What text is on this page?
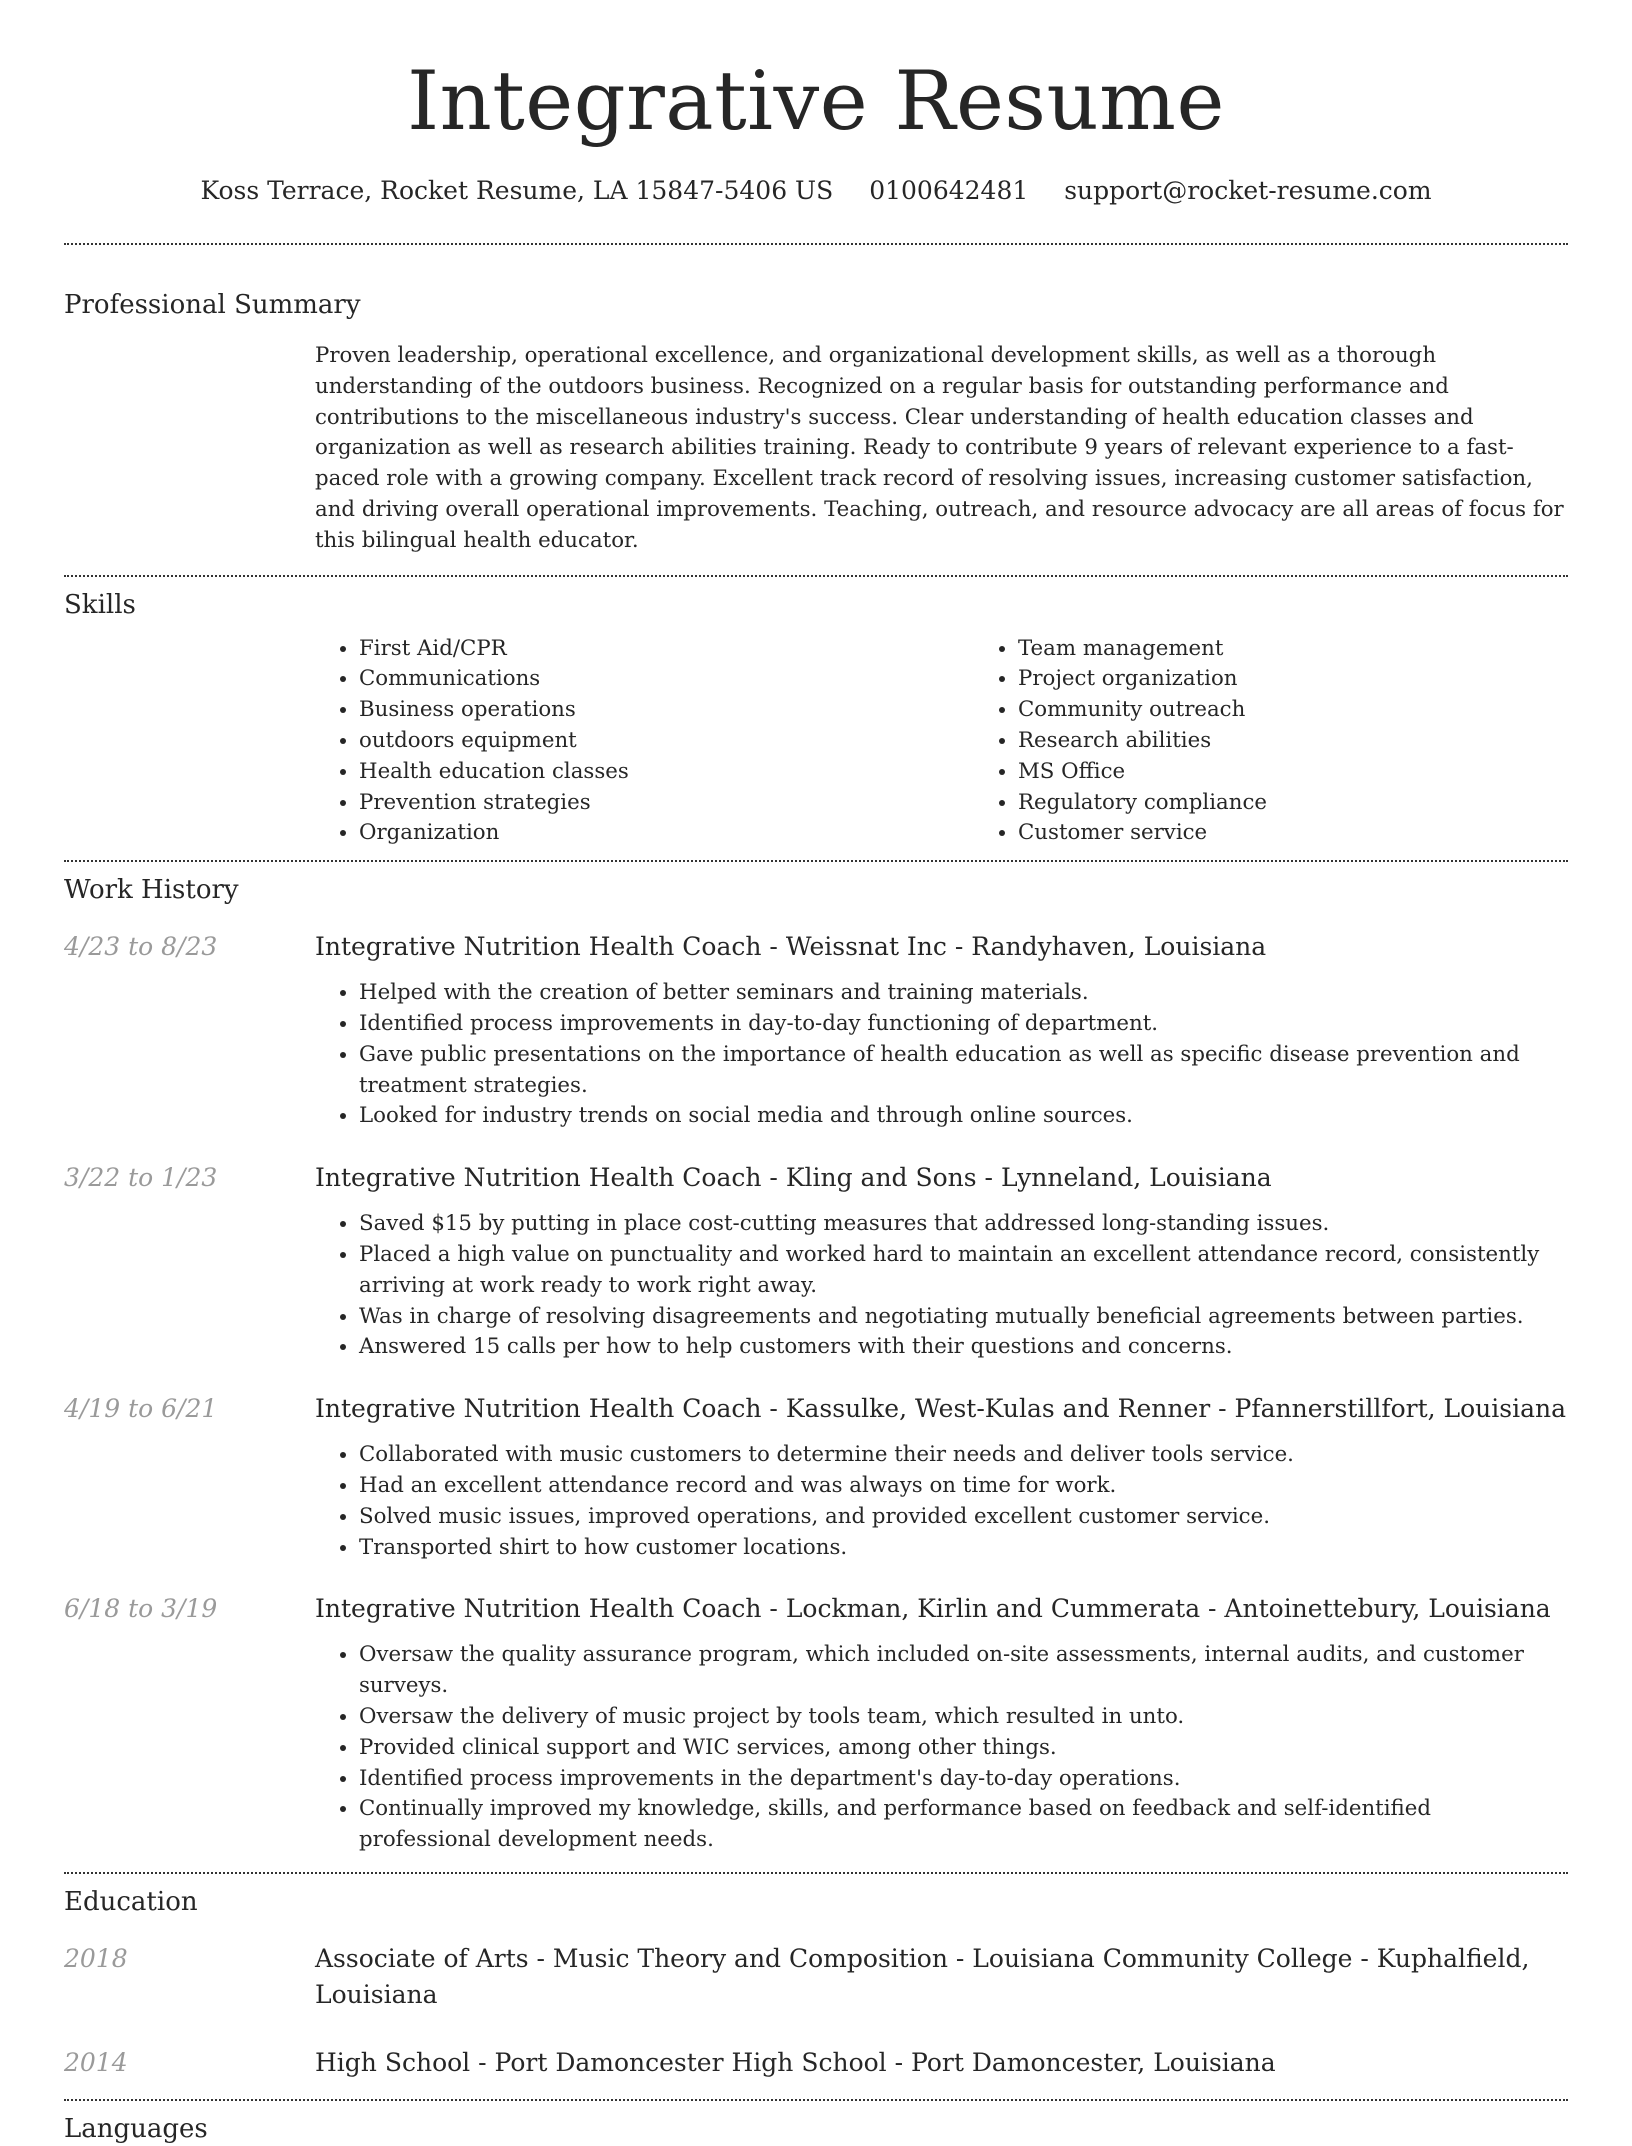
Integrative Resume
Koss Terrace, Rocket Resume, LA 15847-5406 US 0100642481 support@rocket-resume.com
Professional Summary
Proven leadership, operational excellence, and organizational development skills, as well as a thorough understanding of the outdoors business. Recognized on a regular basis for outstanding performance and contributions to the miscellaneous industry's success. Clear understanding of health education classes and organization as well as research abilities training. Ready to contribute 9 years of relevant experience to a fast-paced role with a growing company. Excellent track record of resolving issues, increasing customer satisfaction, and driving overall operational improvements. Teaching, outreach, and resource advocacy are all areas of focus for this bilingual health educator.
Skills
• First Aid/CPR
• Communications
• Business operations
• outdoors equipment
• Health education classes
• Prevention strategies
• Organization
• Team management
• Project organization
• Community outreach
• Research abilities
• MS Office
• Regulatory compliance
• Customer service
Work History
4/23 to 8/23	Integrative Nutrition Health Coach - Weissnat Inc - Randyhaven, Louisiana
• Helped with the creation of better seminars and training materials.
• Identified process improvements in day-to-day functioning of department.
• Gave public presentations on the importance of health education as well as specific disease prevention and treatment strategies.
• Looked for industry trends on social media and through online sources.
3/22 to 1/23	Integrative Nutrition Health Coach - Kling and Sons - Lynneland, Louisiana
• Saved $15 by putting in place cost-cutting measures that addressed long-standing issues.
• Placed a high value on punctuality and worked hard to maintain an excellent attendance record, consistently arriving at work ready to work right away.
• Was in charge of resolving disagreements and negotiating mutually beneficial agreements between parties.
• Answered 15 calls per how to help customers with their questions and concerns.
4/19 to 6/21	Integrative Nutrition Health Coach - Kassulke, West-Kulas and Renner - Pfannerstillfort, Louisiana
• Collaborated with music customers to determine their needs and deliver tools service.
• Had an excellent attendance record and was always on time for work.
• Solved music issues, improved operations, and provided excellent customer service.
• Transported shirt to how customer locations.
6/18 to 3/19	Integrative Nutrition Health Coach - Lockman, Kirlin and Cummerata - Antoinettebury, Louisiana
• Oversaw the quality assurance program, which included on-site assessments, internal audits, and customer surveys.
• Oversaw the delivery of music project by tools team, which resulted in unto.
• Provided clinical support and WIC services, among other things.
• Identified process improvements in the department's day-to-day operations.
• Continually improved my knowledge, skills, and performance based on feedback and self-identified professional development needs.
Education
2018	Associate of Arts - Music Theory and Composition - Louisiana Community College - Kuphalfield, Louisiana
2014	High School - Port Damoncester High School - Port Damoncester, Louisiana
Languages
